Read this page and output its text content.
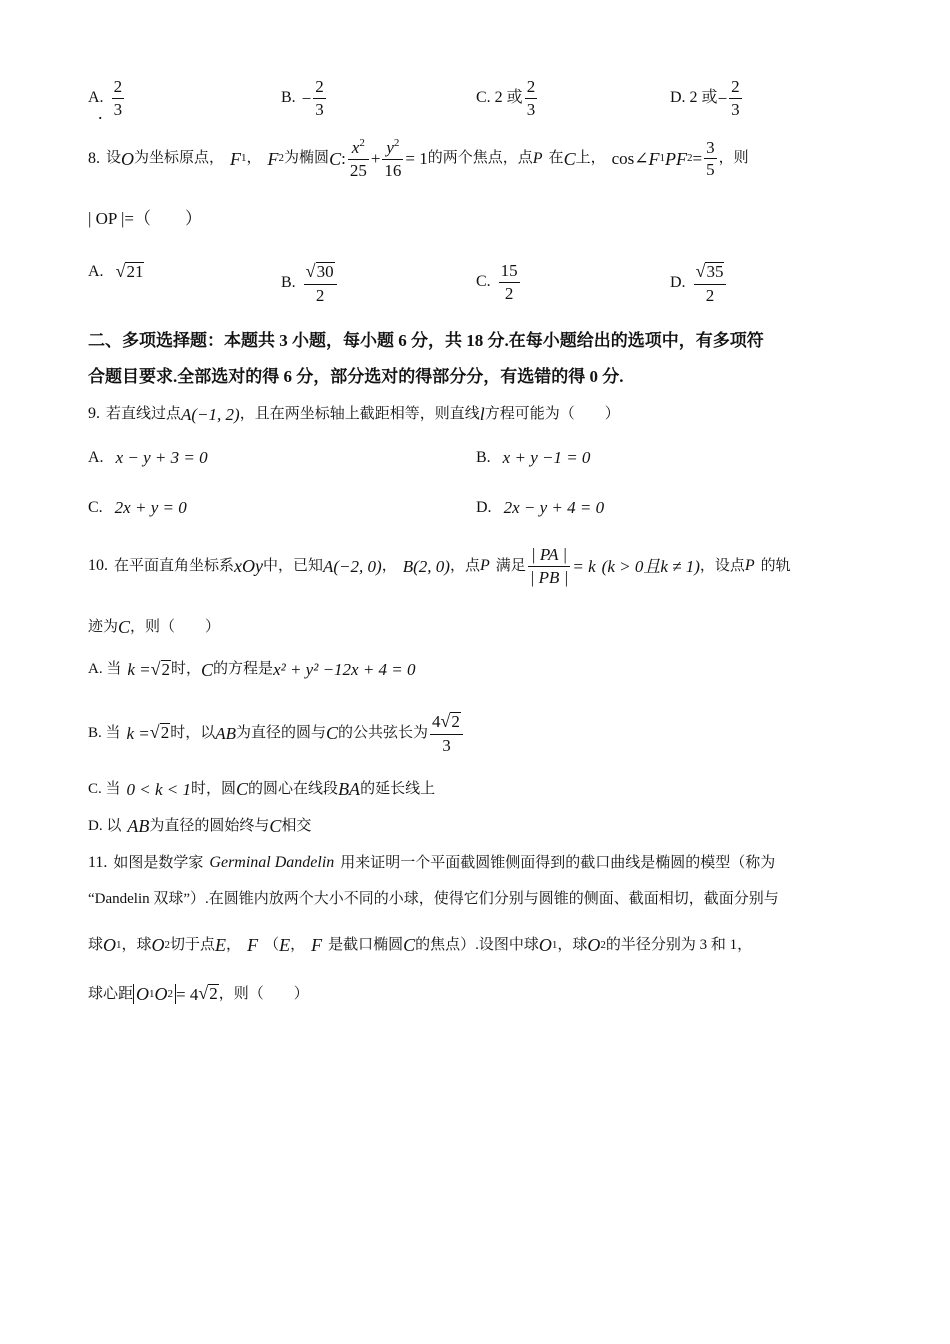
A.
. $\frac{2}{3}$	B. − $\frac{2}{3}$	C. 2 或 $\frac{2}{3}$	D. 2 或 − $\frac{2}{3}$
8. 设 O 为坐标原点， F 1 ， F 2 为椭圆 C : $\frac{x^2}{25} + \frac{y^2}{16} = 1$ 的两个焦点，点 P 在 C 上， cos∠ F 1 PF $2 = \frac{3}{5}$ ，则
| OP |=（　　）
A. √ 21
B. $\frac{√ 30}{2}$	C. $\frac{15}{2}$	D. $\frac{√ 35}{2}$
二、多项选择题：本题共 3 小题，每小题 6 分，共 18 分.在每小题给出的选项中，有多项符
合题目要求.全部选对的得 6 分，部分选对的得部分分，有选错的得 0 分.
9. 若直线过点 A(−1, 2) ，且在两坐标轴上截距相等，则直线 l 方程可能为（　　）
A. x − y + 3 = 0	B. x + y −1 = 0
C. 2x + y = 0	D. 2x − y + 4 = 0
10. 在平面直角坐标系 xOy 中，已知 A(−2, 0) ， B(2, 0) ，点 P 满足 $\frac{| PA |}{| PB |} = k$ (k > 0且k ≠ 1) ，设点 P 的轨
迹为 C ，则（　　）
A. 当 k = √ 2 时， C 的方程是 x² + y² −12x + 4 = 0
B. 当 k = √ 2 时，以 AB 为直径的圆与 C 的公共弦长为 $\frac{4 √ 2}{3}$
C. 当 0 < k < 1 时，圆 C 的圆心在线段 BA 的延长线上
D. 以 AB 为直径的圆始终与 C 相交
11. 如图是数学家 Germinal Dandelin 用来证明一个平面截圆锥侧面得到的截口曲线是椭圆的模型（称为
“Dandelin 双球”）.在圆锥内放两个大小不同的小球，使得它们分别与圆锥的侧面、截面相切，截面分别与
球 O 1 ，球 O 2 切于点 E ， F （ E ， F 是截口椭圆 C 的焦点）.设图中球 O 1 ，球 O 2 的半径分别为 3 和 1，
球心距 O 1 O 2 = 4 √ 2 ，则（　　）
